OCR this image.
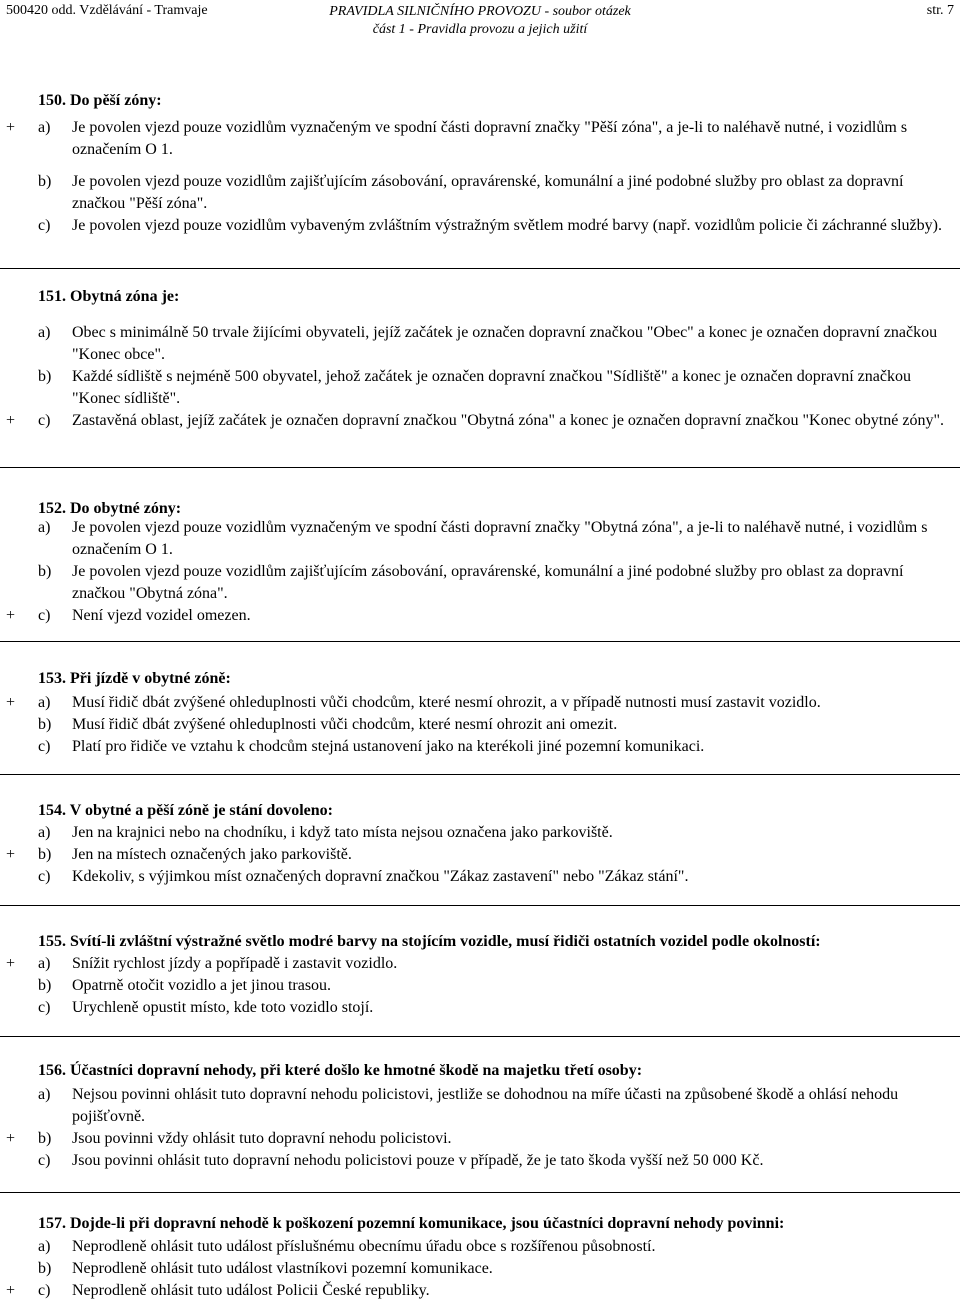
500420 odd. Vzdělávání - Tramvaje	PRAVIDLA SILNIČNÍHO PROVOZU - soubor otázek
část 1 - Pravidla provozu a jejich užití
str. 7
150. Do pěší zóny:
+ a) Je povolen vjezd pouze vozidlům vyznačeným ve spodní části dopravní značky "Pěší zóna", a je-li to naléhavě nutné, i vozidlům s označením O 1.
b) Je povolen vjezd pouze vozidlům zajišťujícím zásobování, opravárenské, komunální a jiné podobné služby pro oblast za dopravní značkou "Pěší zóna".
c) Je povolen vjezd pouze vozidlům vybaveným zvláštním výstražným světlem modré barvy (např. vozidlům policie či záchranné služby).
151. Obytná zóna je:
a) Obec s minimálně 50 trvale žijícími obyvateli, jejíž začátek je označen dopravní značkou "Obec" a konec je označen dopravní značkou "Konec obce".
b) Každé sídliště s nejméně 500 obyvatel, jehož začátek je označen dopravní značkou "Sídliště" a konec je označen dopravní značkou "Konec sídliště".
+ c) Zastavěná oblast, jejíž začátek je označen dopravní značkou "Obytná zóna" a konec je označen dopravní značkou "Konec obytné zóny".
152. Do obytné zóny:
a) Je povolen vjezd pouze vozidlům vyznačeným ve spodní části dopravní značky "Obytná zóna", a je-li to naléhavě nutné, i vozidlům s označením O 1.
b) Je povolen vjezd pouze vozidlům zajišťujícím zásobování, opravárenské, komunální a jiné podobné služby pro oblast za dopravní značkou "Obytná zóna".
+ c) Není vjezd vozidel omezen.
153. Při jízdě v obytné zóně:
+ a) Musí řidič dbát zvýšené ohleduplnosti vůči chodcům, které nesmí ohrozit, a v případě nutnosti musí zastavit vozidlo.
b) Musí řidič dbát zvýšené ohleduplnosti vůči chodcům, které nesmí ohrozit ani omezit.
c) Platí pro řidiče ve vztahu k chodcům stejná ustanovení jako na kterékoli jiné pozemní komunikaci.
154. V obytné a pěší zóně je stání dovoleno:
a) Jen na krajnici nebo na chodníku, i když tato místa nejsou označena jako parkoviště.
+ b) Jen na místech označených jako parkoviště.
c) Kdekoliv, s výjimkou míst označených dopravní značkou "Zákaz zastavení" nebo "Zákaz stání".
155. Svítí-li zvláštní výstražné světlo modré barvy na stojícím vozidle, musí řidiči ostatních vozidel podle okolností:
+ a) Snížit rychlost jízdy a popřípadě i zastavit vozidlo.
b) Opatrně otočit vozidlo a jet jinou trasou.
c) Urychleně opustit místo, kde toto vozidlo stojí.
156. Účastníci dopravní nehody, při které došlo ke hmotné škodě na majetku třetí osoby:
a) Nejsou povinni ohlásit tuto dopravní nehodu policistovi, jestliže se dohodnou na míře účasti na způsobené škodě a ohlásí nehodu pojišťovně.
+ b) Jsou povinni vždy ohlásit tuto dopravní nehodu policistovi.
c) Jsou povinni ohlásit tuto dopravní nehodu policistovi pouze v případě, že je tato škoda vyšší než 50 000 Kč.
157. Dojde-li při dopravní nehodě k poškození pozemní komunikace, jsou účastníci dopravní nehody povinni:
a) Neprodleně ohlásit tuto událost příslušnému obecnímu úřadu obce s rozšířenou působností.
b) Neprodleně ohlásit tuto událost vlastníkovi pozemní komunikace.
+ c) Neprodleně ohlásit tuto událost Policii České republiky.
